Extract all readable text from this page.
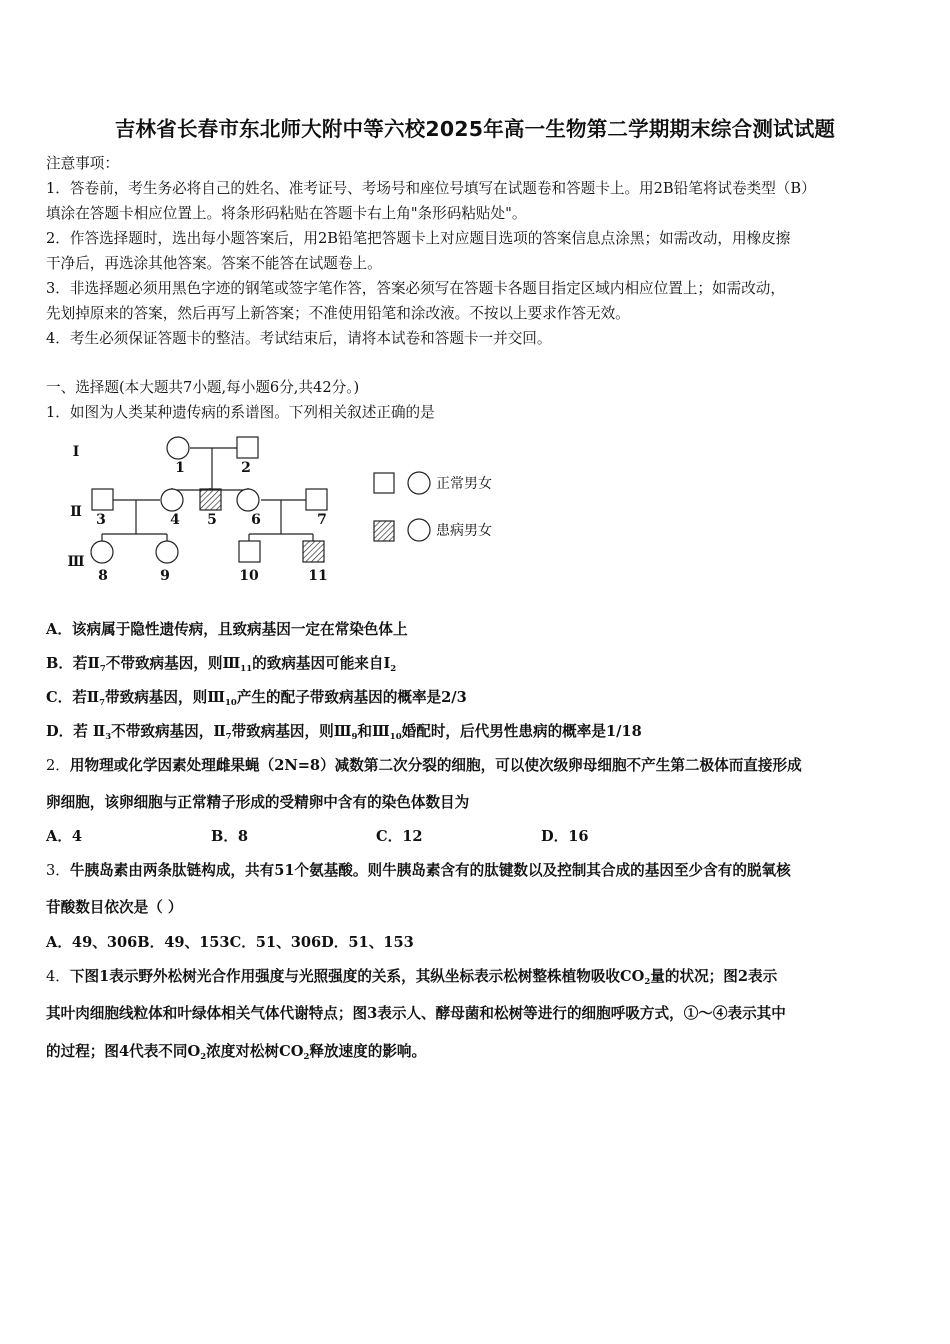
吉林省长春市东北师大附中等六校2025年高一生物第二学期期末综合测试试题
注意事项：
1．答卷前，考生务必将自己的姓名、准考证号、考场号和座位号填写在试题卷和答题卡上。用2B铅笔将试卷类型（B）
填涂在答题卡相应位置上。将条形码粘贴在答题卡右上角"条形码粘贴处"。
2．作答选择题时，选出每小题答案后，用2B铅笔把答题卡上对应题目选项的答案信息点涂黑；如需改动，用橡皮擦
干净后，再选涂其他答案。答案不能答在试题卷上。
3．非选择题必须用黑色字迹的钢笔或签字笔作答，答案必须写在答题卡各题目指定区域内相应位置上；如需改动，
先划掉原来的答案，然后再写上新答案；不准使用铅笔和涂改液。不按以上要求作答无效。
4．考生必须保证答题卡的整洁。考试结束后，请将本试卷和答题卡一并交回。
一、选择题(本大题共7小题,每小题6分,共42分。)
1．如图为人类某种遗传病的系谱图。下列相关叙述正确的是
Ⅰ
Ⅱ
Ⅲ
1	2
3	4 5 6	7
8	9	10	11
正常男女
患病男女
A．该病属于隐性遗传病，且致病基因一定在常染色体上
B．若$Ⅱ_7$不带致病基因，则$Ⅲ_{11}$的致病基因可能来自$Ⅰ_2$
C．若$Ⅱ_7$带致病基因，则$Ⅲ_{10}$产生的配子带致病基因的概率是2/3
D．若 $Ⅱ_3$不带致病基因，$Ⅱ_7$带致病基因，则$Ⅲ_9$和$Ⅲ_{10}$婚配时，后代男性患病的概率是1/18
2．用物理或化学因素处理雌果蝇（2N=8）减数第二次分裂的细胞，可以使次级卵母细胞不产生第二极体而直接形成
卵细胞，该卵细胞与正常精子形成的受精卵中含有的染色体数目为
A．4	B．8	C．12	D．16
3．牛胰岛素由两条肽链构成，共有51个氨基酸。则牛胰岛素含有的肽键数以及控制其合成的基因至少含有的脱氧核
苷酸数目依次是（ ）
A．49、306B．49、153C．51、306D．51、153
4．下图1表示野外松树光合作用强度与光照强度的关系，其纵坐标表示松树整株植物吸收$CO_2$量的状况；图2表示
其叶肉细胞线粒体和叶绿体相关气体代谢特点；图3表示人、酵母菌和松树等进行的细胞呼吸方式，①～④表示其中
的过程；图4代表不同$O_2$浓度对松树$CO_2$释放速度的影响。
